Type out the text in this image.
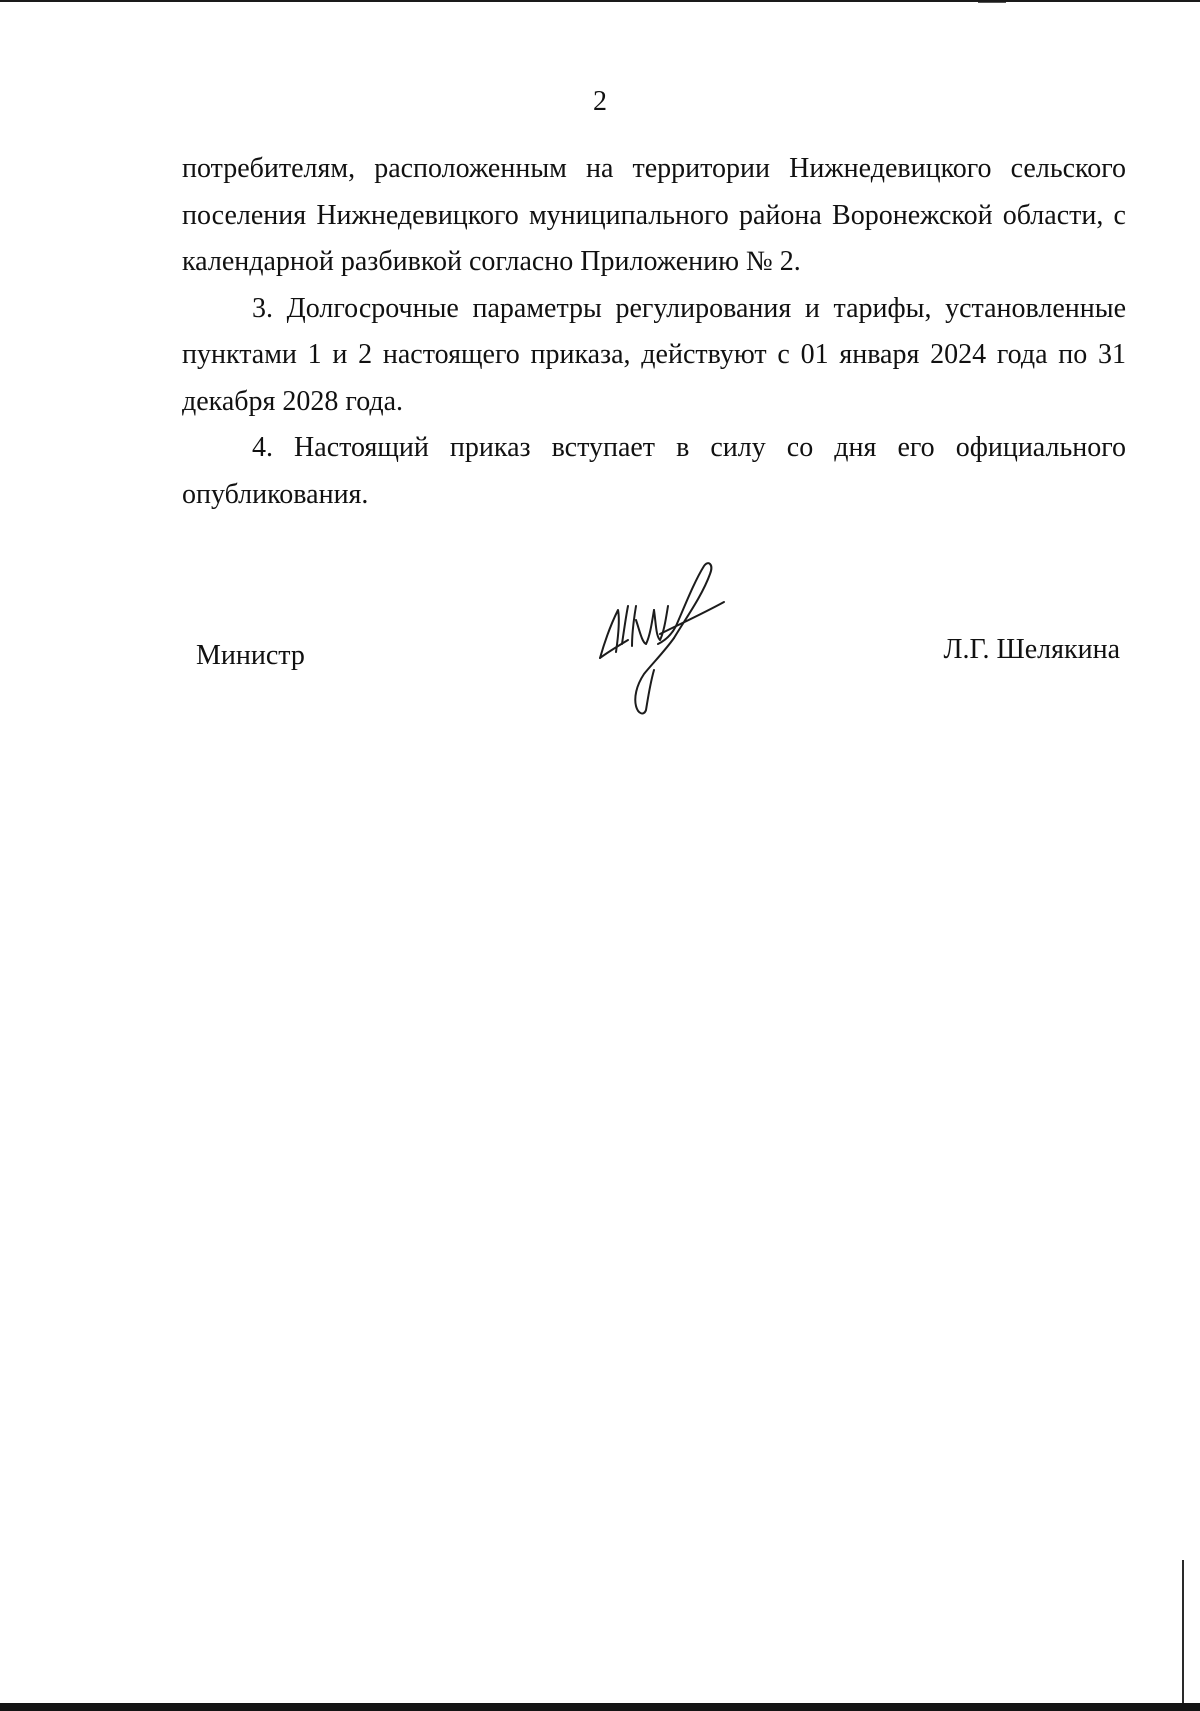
2

потребителям, расположенным на территории Нижнедевицкого сельского поселения Нижнедевицкого муниципального района Воронежской области, с календарной разбивкой согласно Приложению № 2.

3. Долгосрочные параметры регулирования и тарифы, установленные пунктами 1 и 2 настоящего приказа, действуют с 01 января 2024 года по 31 декабря 2028 года.

4. Настоящий приказ вступает в силу со дня его официального опубликования.

Министр	Л.Г. Шелякина
